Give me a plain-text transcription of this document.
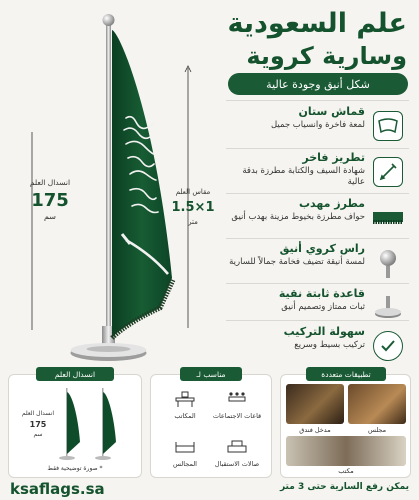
علم السعودية
وسارية كروية
شكل أنيق وجودة عالية
انسدال العلم
175
سم
مقاس العلم
1.5×1
متر
قماش ستان
لمعة فاخرة وانسياب جميل
تطريز فاخر
شهادة السيف والكتابة مطرزة بدقة عالية
مطرز مهدب
حواف مطرزة بخيوط مزينة بهدب أنيق
راس كروي أنيق
لمسة أنيقة تضيف فخامة جمالاً للسارية
قاعدة ثابتة نقية
ثبات ممتاز وتصميم أنيق
سهولة التركيب
تركيب بسيط وسريع
انسدال العلم
انسدال العلم
175
سم
* صورة توضيحية فقط
مناسب لـ
المكاتب	قاعات الاجتماعات
المجالس	صالات الاستقبال
تطبيقات متعددة
مجلس
مدخل فندق
مكتب
ksaflags.sa	يمكن رفع السارية حتى 3 متر
